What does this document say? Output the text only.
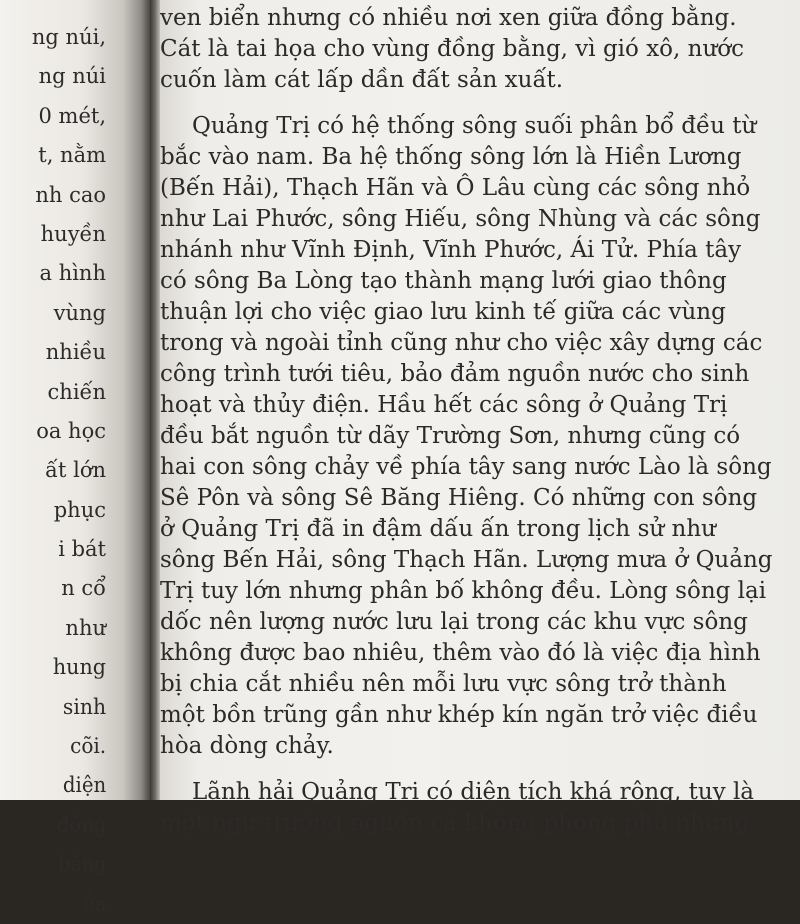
ng núi,
ng núi
0 mét,
t, nằm
nh cao
huyền
a hình
vùng
nhiều
chiến
oa học
ất lớn
phục
i bát
n cổ
như
hung
sinh
cõi.
diện
đồng
bằng
ủa
ven biển nhưng có nhiều nơi xen giữa đồng bằng.
Cát là tai họa cho vùng đồng bằng, vì gió xô, nước
cuốn làm cát lấp dần đất sản xuất.
Quảng Trị có hệ thống sông suối phân bổ đều từ
bắc vào nam. Ba hệ thống sông lớn là Hiền Lương
(Bến Hải), Thạch Hãn và Ô Lâu cùng các sông nhỏ
như Lai Phước, sông Hiếu, sông Nhùng và các sông
nhánh như Vĩnh Định, Vĩnh Phước, Ái Tử. Phía tây
có sông Ba Lòng tạo thành mạng lưới giao thông
thuận lợi cho việc giao lưu kinh tế giữa các vùng
trong và ngoài tỉnh cũng như cho việc xây dựng các
công trình tưới tiêu, bảo đảm nguồn nước cho sinh
hoạt và thủy điện. Hầu hết các sông ở Quảng Trị
đều bắt nguồn từ dãy Trường Sơn, nhưng cũng có
hai con sông chảy về phía tây sang nước Lào là sông
Sê Pôn và sông Sê Băng Hiêng. Có những con sông
ở Quảng Trị đã in đậm dấu ấn trong lịch sử như
sông Bến Hải, sông Thạch Hãn. Lượng mưa ở Quảng
Trị tuy lớn nhưng phân bố không đều. Lòng sông lại
dốc nên lượng nước lưu lại trong các khu vực sông
không được bao nhiêu, thêm vào đó là việc địa hình
bị chia cắt nhiều nên mỗi lưu vực sông trở thành
một bồn trũng gần như khép kín ngăn trở việc điều
hòa dòng chảy.
Lãnh hải Quảng Trị có diện tích khá rộng, tuy là
một ngư trường nguồn cá không phong phú nhưng
